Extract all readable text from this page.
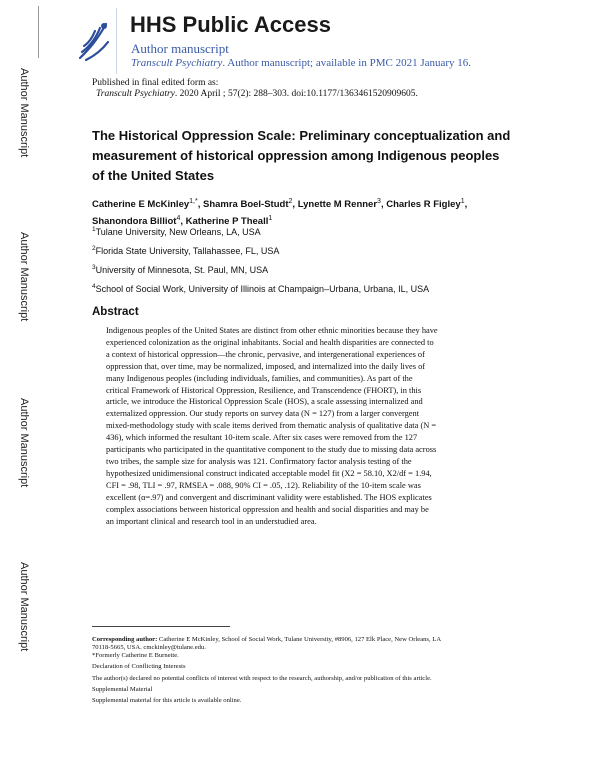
Author Manuscript
Author Manuscript
Author Manuscript
Author Manuscript
HHS Public Access
Author manuscript
Transcult Psychiatry. Author manuscript; available in PMC 2021 January 16.
Published in final edited form as:
Transcult Psychiatry. 2020 April ; 57(2): 288–303. doi:10.1177/1363461520909605.
The Historical Oppression Scale: Preliminary conceptualization and measurement of historical oppression among Indigenous peoples of the United States
Catherine E McKinley$^{1,*}$, Shamra Boel-Studt$^2$, Lynette M Renner$^3$, Charles R Figley$^1$, Shanondora Billiot$^4$, Katherine P Theall$^1$
$^1$Tulane University, New Orleans, LA, USA
$^2$Florida State University, Tallahassee, FL, USA
$^3$University of Minnesota, St. Paul, MN, USA
$^4$School of Social Work, University of Illinois at Champaign–Urbana, Urbana, IL, USA
Abstract
Indigenous peoples of the United States are distinct from other ethnic minorities because they have
experienced colonization as the original inhabitants. Social and health disparities are connected to
a context of historical oppression—the chronic, pervasive, and intergenerational experiences of
oppression that, over time, may be normalized, imposed, and internalized into the daily lives of
many Indigenous peoples (including individuals, families, and communities). As part of the
critical Framework of Historical Oppression, Resilience, and Transcendence (FHORT), in this
article, we introduce the Historical Oppression Scale (HOS), a scale assessing internalized and
externalized oppression. Our study reports on survey data (N = 127) from a larger convergent
mixed-methodology study with scale items derived from thematic analysis of qualitative data (N =
436), which informed the resultant 10-item scale. After six cases were removed from the 127
participants who participated in the quantitative component to the study due to missing data across
two tribes, the sample size for analysis was 121. Confirmatory factor analysis testing of the
hypothesized unidimensional construct indicated acceptable model fit (X2 = 58.10, X2/df = 1.94,
CFI = .98, TLI = .97, RMSEA = .088, 90% CI = .05, .12). Reliability of the 10-item scale was
excellent (α=.97) and convergent and discriminant validity were established. The HOS explicates
complex associations between historical oppression and health and social disparities and may be
an important clinical and research tool in an understudied area.
Corresponding author: Catherine E McKinley, School of Social Work, Tulane University, #8906, 127 Elk Place, New Orleans, LA
70118-5665, USA. cmckinley@tulane.edu.
*Formerly Catherine E Burnette.
Declaration of Conflicting Interests
The author(s) declared no potential conflicts of interest with respect to the research, authorship, and/or publication of this article.
Supplemental Material
Supplemental material for this article is available online.
